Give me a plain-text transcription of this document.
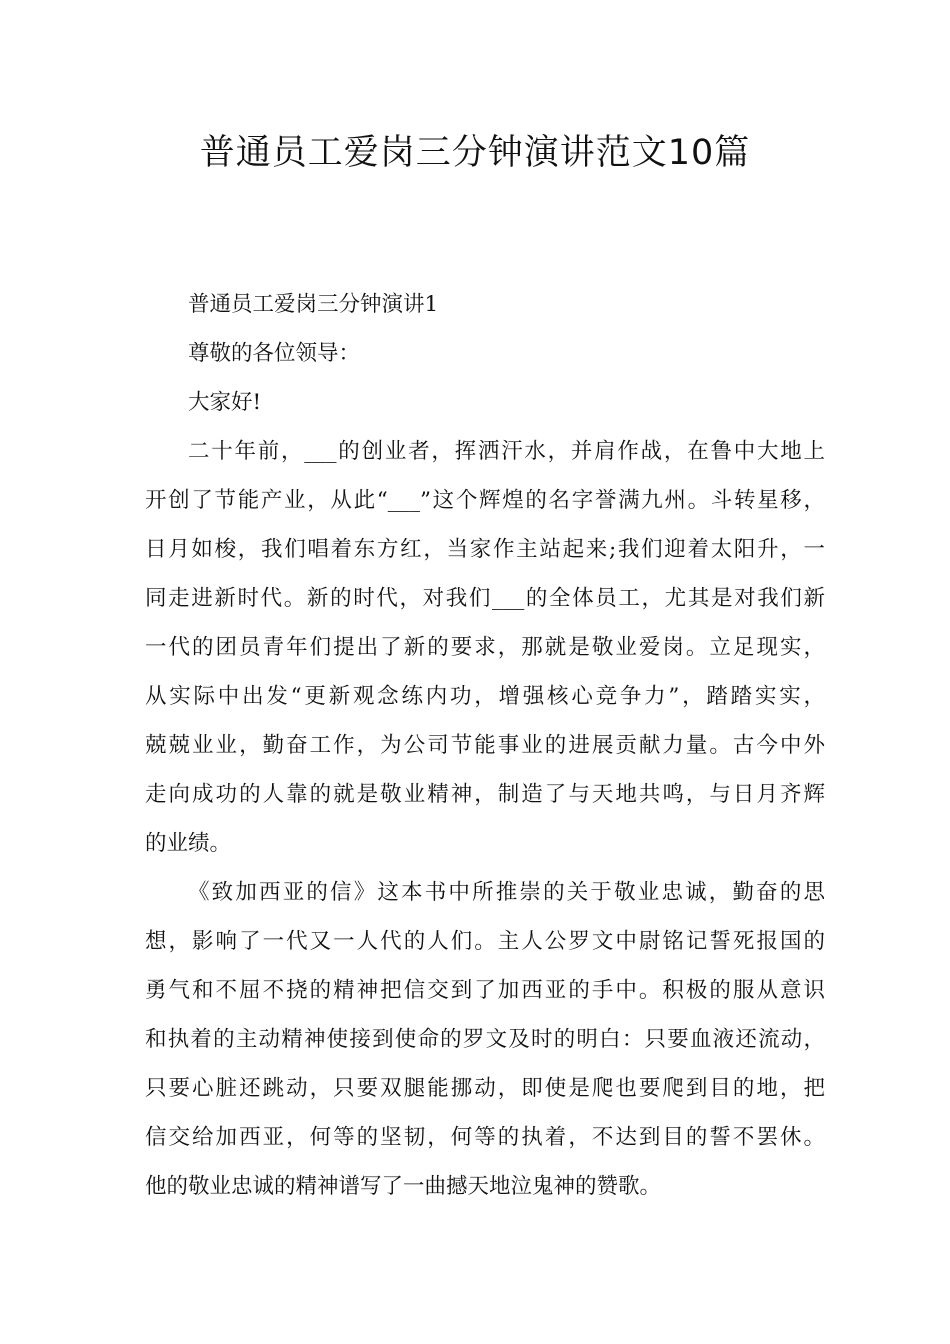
普通员工爱岗三分钟演讲范文10篇

普通员工爱岗三分钟演讲1

尊敬的各位领导：

大家好!

二十年前，___的创业者，挥洒汗水，并肩作战，在鲁中大地上
开创了节能产业，从此“___”这个辉煌的名字誉满九州。斗转星移，
日月如梭，我们唱着东方红，当家作主站起来;我们迎着太阳升，一
同走进新时代。新的时代，对我们___的全体员工，尤其是对我们新
一代的团员青年们提出了新的要求，那就是敬业爱岗。立足现实，
从实际中出发“更新观念练内功，增强核心竞争力”，踏踏实实，
兢兢业业，勤奋工作，为公司节能事业的进展贡献力量。古今中外
走向成功的人靠的就是敬业精神，制造了与天地共鸣，与日月齐辉
的业绩。
《致加西亚的信》这本书中所推崇的关于敬业忠诚，勤奋的思
想，影响了一代又一人代的人们。主人公罗文中尉铭记誓死报国的
勇气和不屈不挠的精神把信交到了加西亚的手中。积极的服从意识
和执着的主动精神使接到使命的罗文及时的明白：只要血液还流动，
只要心脏还跳动，只要双腿能挪动，即使是爬也要爬到目的地，把
信交给加西亚，何等的坚韧，何等的执着，不达到目的誓不罢休。
他的敬业忠诚的精神谱写了一曲撼天地泣鬼神的赞歌。
